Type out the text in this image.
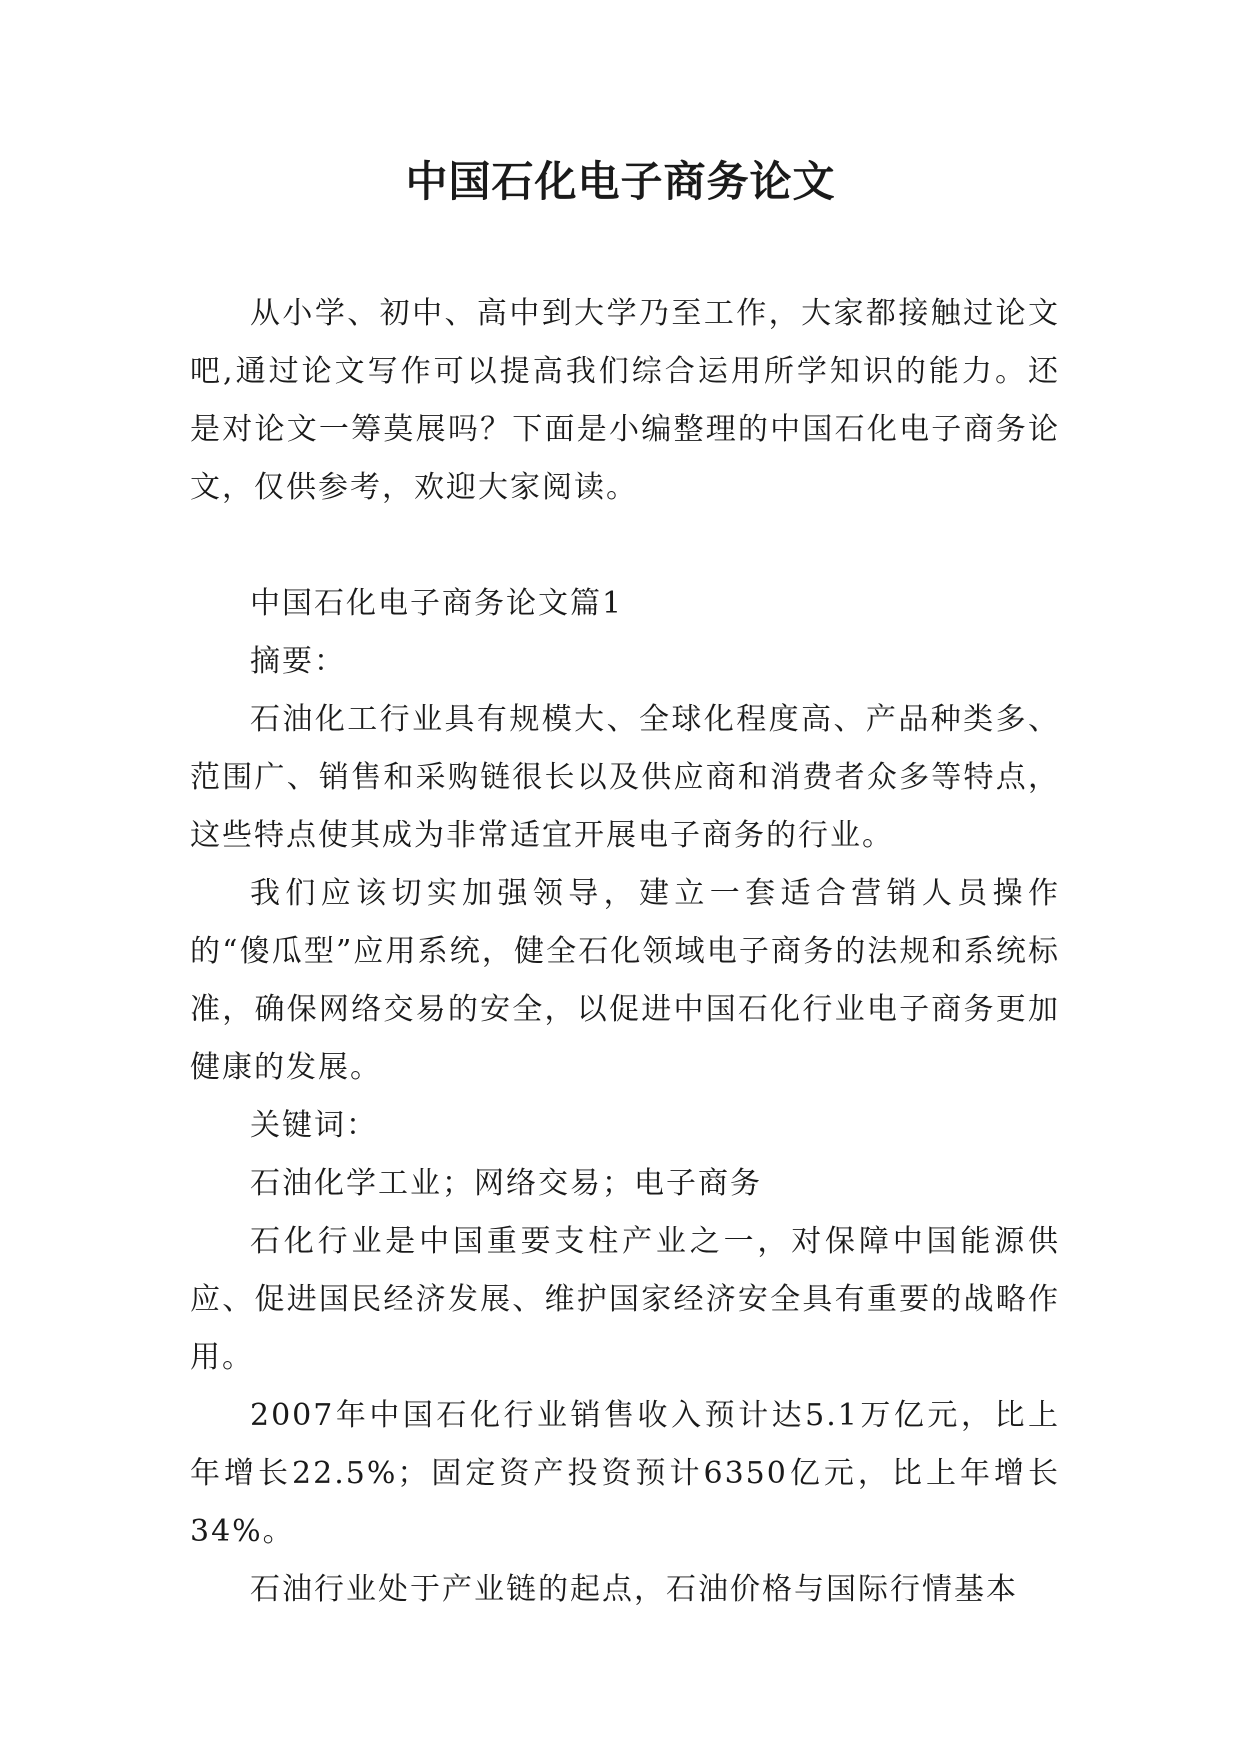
中国石化电子商务论文

从小学、初中、高中到大学乃至工作，大家都接触过论文吧,通过论文写作可以提高我们综合运用所学知识的能力。还是对论文一筹莫展吗？下面是小编整理的中国石化电子商务论文，仅供参考，欢迎大家阅读。

中国石化电子商务论文篇1

摘要：

石油化工行业具有规模大、全球化程度高、产品种类多、范围广、销售和采购链很长以及供应商和消费者众多等特点，这些特点使其成为非常适宜开展电子商务的行业。

我们应该切实加强领导，建立一套适合营销人员操作的“傻瓜型”应用系统，健全石化领域电子商务的法规和系统标准，确保网络交易的安全，以促进中国石化行业电子商务更加健康的发展。

关键词：

石油化学工业；网络交易；电子商务

石化行业是中国重要支柱产业之一，对保障中国能源供应、促进国民经济发展、维护国家经济安全具有重要的战略作用。

2007年中国石化行业销售收入预计达5.1万亿元，比上年增长22.5%；固定资产投资预计6350亿元，比上年增长34%。

石油行业处于产业链的起点，石油价格与国际行情基本
